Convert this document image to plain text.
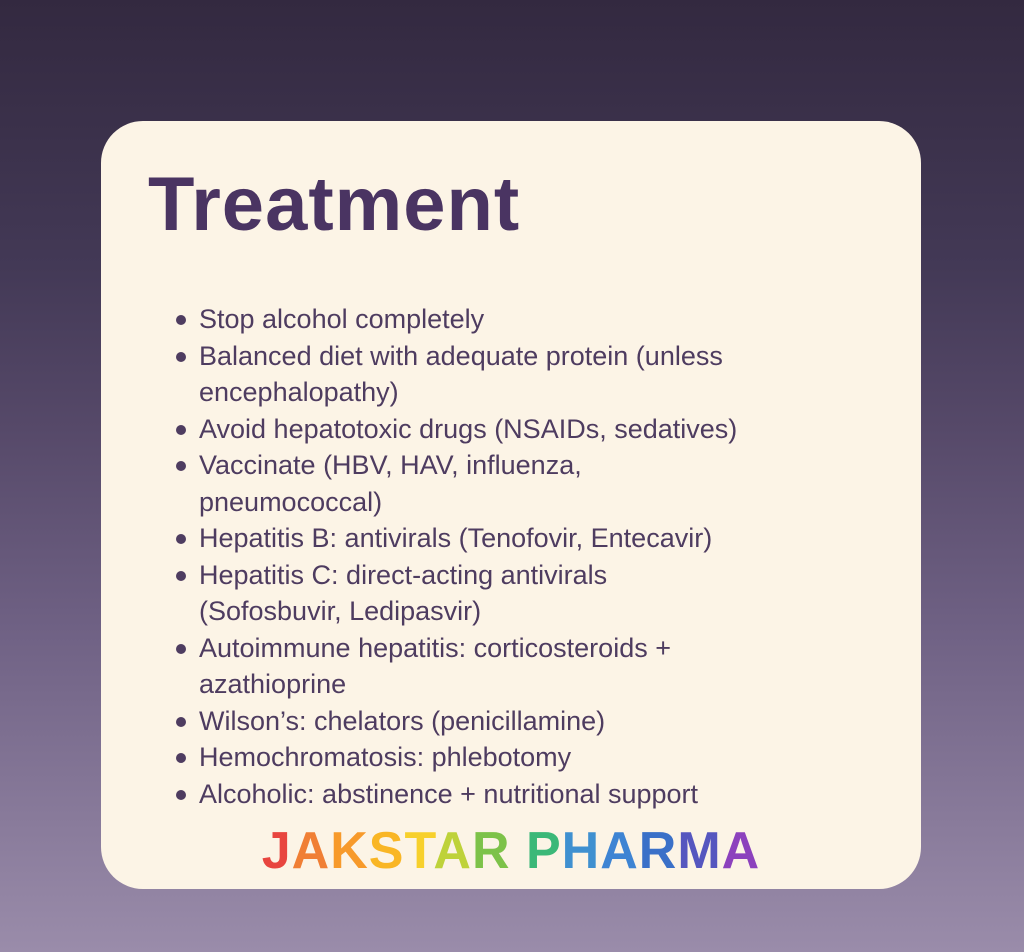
Treatment
Stop alcohol completely
Balanced diet with adequate protein (unless
encephalopathy)
Avoid hepatotoxic drugs (NSAIDs, sedatives)
Vaccinate (HBV, HAV, influenza,
pneumococcal)
Hepatitis B: antivirals (Tenofovir, Entecavir)
Hepatitis C: direct-acting antivirals
(Sofosbuvir, Ledipasvir)
Autoimmune hepatitis: corticosteroids +
azathioprine
Wilson’s: chelators (penicillamine)
Hemochromatosis: phlebotomy
Alcoholic: abstinence + nutritional support
JAKSTAR PHARMA
